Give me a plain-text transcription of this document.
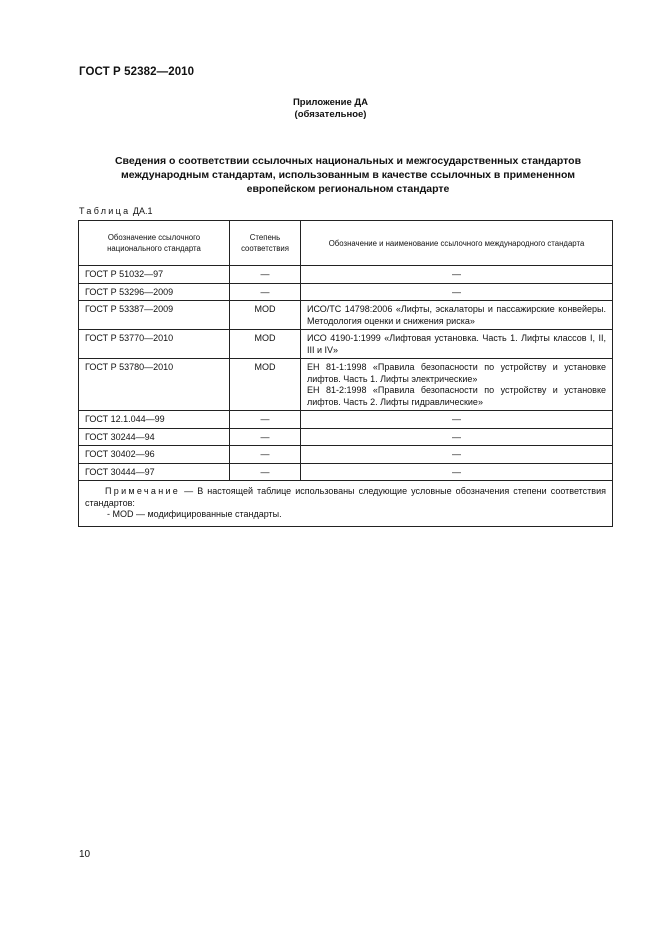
ГОСТ Р 52382—2010
Приложение ДА
(обязательное)
Сведения о соответствии ссылочных национальных и межгосударственных стандартов
международным стандартам, использованным в качестве ссылочных в примененном
европейском региональном стандарте
Таблица ДА.1
Обозначение ссылочного национального стандарта	Степень соответствия	Обозначение и наименование ссылочного международного стандарта
ГОСТ Р 51032—97	—	—
ГОСТ Р 53296—2009	—	—
ГОСТ Р 53387—2009	MOD	ИСО/ТС 14798:2006 «Лифты, эскалаторы и пассажирские конвейеры. Методология оценки и снижения риска»
ГОСТ Р 53770—2010	MOD	ИСО 4190-1:1999 «Лифтовая установка. Часть 1. Лифты классов I, II, III и IV»
ГОСТ Р 53780—2010	MOD	ЕН 81-1:1998 «Правила безопасности по устройству и установке лифтов. Часть 1. Лифты электрические»
ЕН 81-2:1998 «Правила безопасности по устройству и установке лифтов. Часть 2. Лифты гидравлические»

ГОСТ 12.1.044—99	—	—
ГОСТ 30244—94	—	—
ГОСТ 30402—96	—	—
ГОСТ 30444—97	—	—

Примечание — В настоящей таблице использованы следующие условные обозначения степени соответствия стандартов:
- MOD — модифицированные стандарты.		
10
